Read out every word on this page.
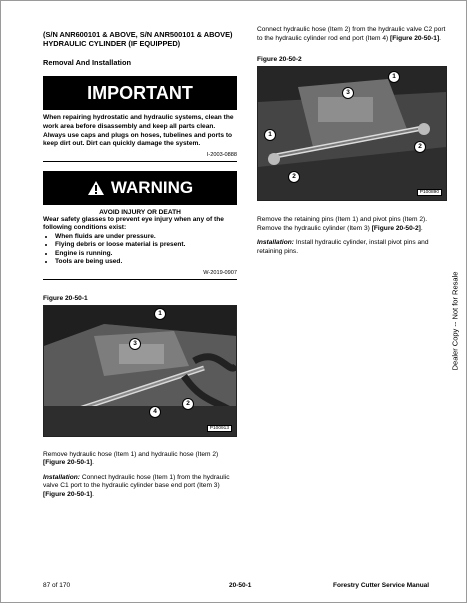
(S/N ANR600101 & ABOVE, S/N ANR500101 & ABOVE) HYDRAULIC CYLINDER (IF EQUIPPED)
Removal And Installation
IMPORTANT
When repairing hydrostatic and hydraulic systems, clean the work area before disassembly and keep all parts clean. Always use caps and plugs on hoses, tubelines and ports to keep dirt out. Dirt can quickly damage the system.
I-2003-0888
WARNING
AVOID INJURY OR DEATH
Wear safety glasses to prevent eye injury when any of the following conditions exist:
• When fluids are under pressure.
• Flying debris or loose material is present.
• Engine is running.
• Tools are being used.
W-2019-0907
Figure 20-50-1
1
2
3
4
P100913
Remove hydraulic hose (Item 1) and hydraulic hose (Item 2) [Figure 20-50-1].
Installation: Connect hydraulic hose (Item 1) from the hydraulic valve C1 port to the hydraulic cylinder base end port (Item 3) [Figure 20-50-1].
Connect hydraulic hose (Item 2) from the hydraulic valve C2 port to the hydraulic cylinder rod end port (Item 4) [Figure 20-50-1].
Figure 20-50-2
1
2
3
2
1
P100890
Remove the retaining pins (Item 1) and pivot pins (Item 2). Remove the hydraulic cylinder (Item 3) [Figure 20-50-2].
Installation: Install hydraulic cylinder, install pivot pins and retaining pins.
Dealer Copy -- Not for Resale
87 of 170	20-50-1	Forestry Cutter Service Manual
